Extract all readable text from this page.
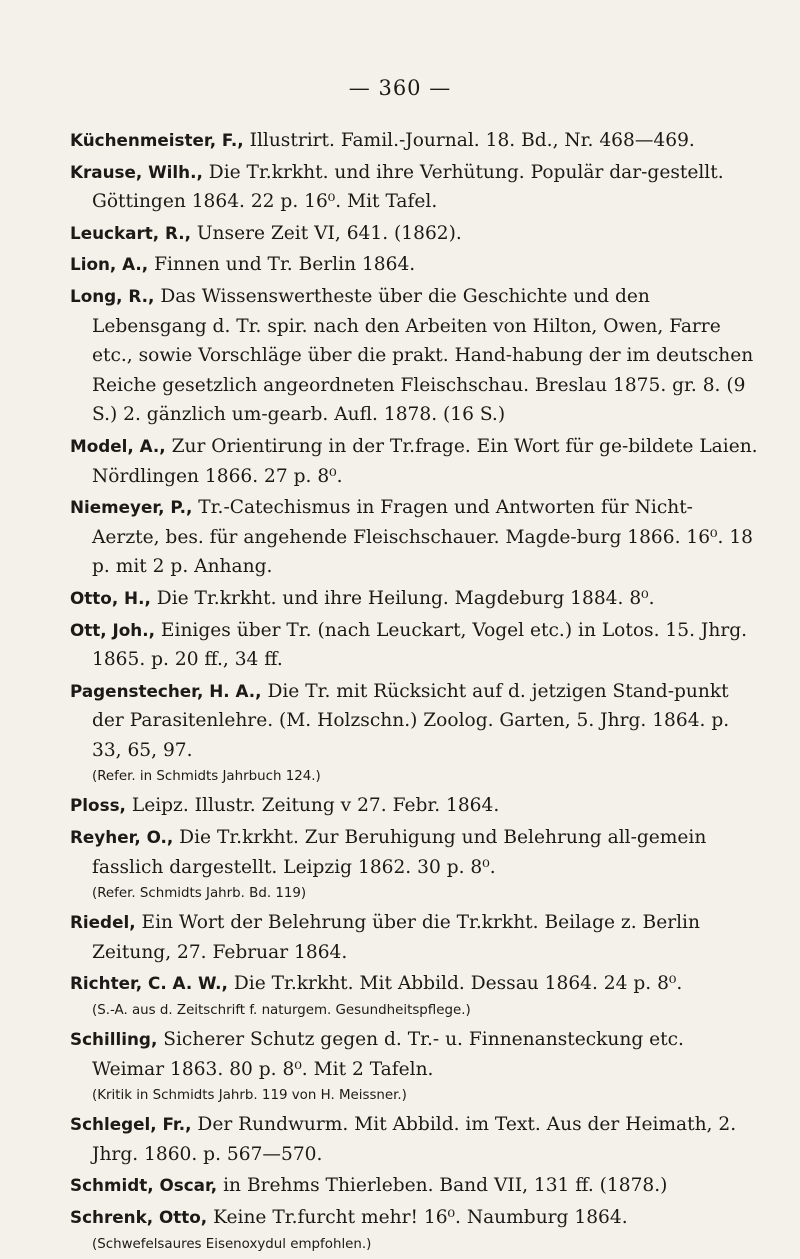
— 360 —

Küchenmeister, F., Illustrirt. Famil.-Journal. 18. Bd., Nr. 468—469.

Krause, Wilh., Die Tr.krkht. und ihre Verhütung. Populär dar-gestellt. Göttingen 1864. 22 p. 16⁰. Mit Tafel.

Leuckart, R., Unsere Zeit VI, 641. (1862).

Lion, A., Finnen und Tr. Berlin 1864.

Long, R., Das Wissenswertheste über die Geschichte und den Lebensgang d. Tr. spir. nach den Arbeiten von Hilton, Owen, Farre etc., sowie Vorschläge über die prakt. Hand-habung der im deutschen Reiche gesetzlich angeordneten Fleischschau. Breslau 1875. gr. 8. (9 S.) 2. gänzlich um-gearb. Aufl. 1878. (16 S.)

Model, A., Zur Orientirung in der Tr.frage. Ein Wort für ge-bildete Laien. Nördlingen 1866. 27 p. 8⁰.

Niemeyer, P., Tr.-Catechismus in Fragen und Antworten für Nicht-Aerzte, bes. für angehende Fleischschauer. Magde-burg 1866. 16⁰. 18 p. mit 2 p. Anhang.

Otto, H., Die Tr.krkht. und ihre Heilung. Magdeburg 1884. 8⁰.

Ott, Joh., Einiges über Tr. (nach Leuckart, Vogel etc.) in Lotos. 15. Jhrg. 1865. p. 20 ff., 34 ff.

Pagenstecher, H. A., Die Tr. mit Rücksicht auf d. jetzigen Stand-punkt der Parasitenlehre. (M. Holzschn.) Zoolog. Garten, 5. Jhrg. 1864. p. 33, 65, 97.
(Refer. in Schmidts Jahrbuch 124.)

Ploss, Leipz. Illustr. Zeitung v 27. Febr. 1864.

Reyher, O., Die Tr.krkht. Zur Beruhigung und Belehrung all-gemein fasslich dargestellt. Leipzig 1862. 30 p. 8⁰.
(Refer. Schmidts Jahrb. Bd. 119)

Riedel, Ein Wort der Belehrung über die Tr.krkht. Beilage z. Berlin Zeitung, 27. Februar 1864.

Richter, C. A. W., Die Tr.krkht. Mit Abbild. Dessau 1864. 24 p. 8⁰.
(S.-A. aus d. Zeitschrift f. naturgem. Gesundheitspflege.)

Schilling, Sicherer Schutz gegen d. Tr.- u. Finnenansteckung etc. Weimar 1863. 80 p. 8⁰. Mit 2 Tafeln.
(Kritik in Schmidts Jahrb. 119 von H. Meissner.)

Schlegel, Fr., Der Rundwurm. Mit Abbild. im Text. Aus der Heimath, 2. Jhrg. 1860. p. 567—570.

Schmidt, Oscar, in Brehms Thierleben. Band VII, 131 ff. (1878.)

Schrenk, Otto, Keine Tr.furcht mehr! 16⁰. Naumburg 1864.
(Schwefelsaures Eisenoxydul empfohlen.)
